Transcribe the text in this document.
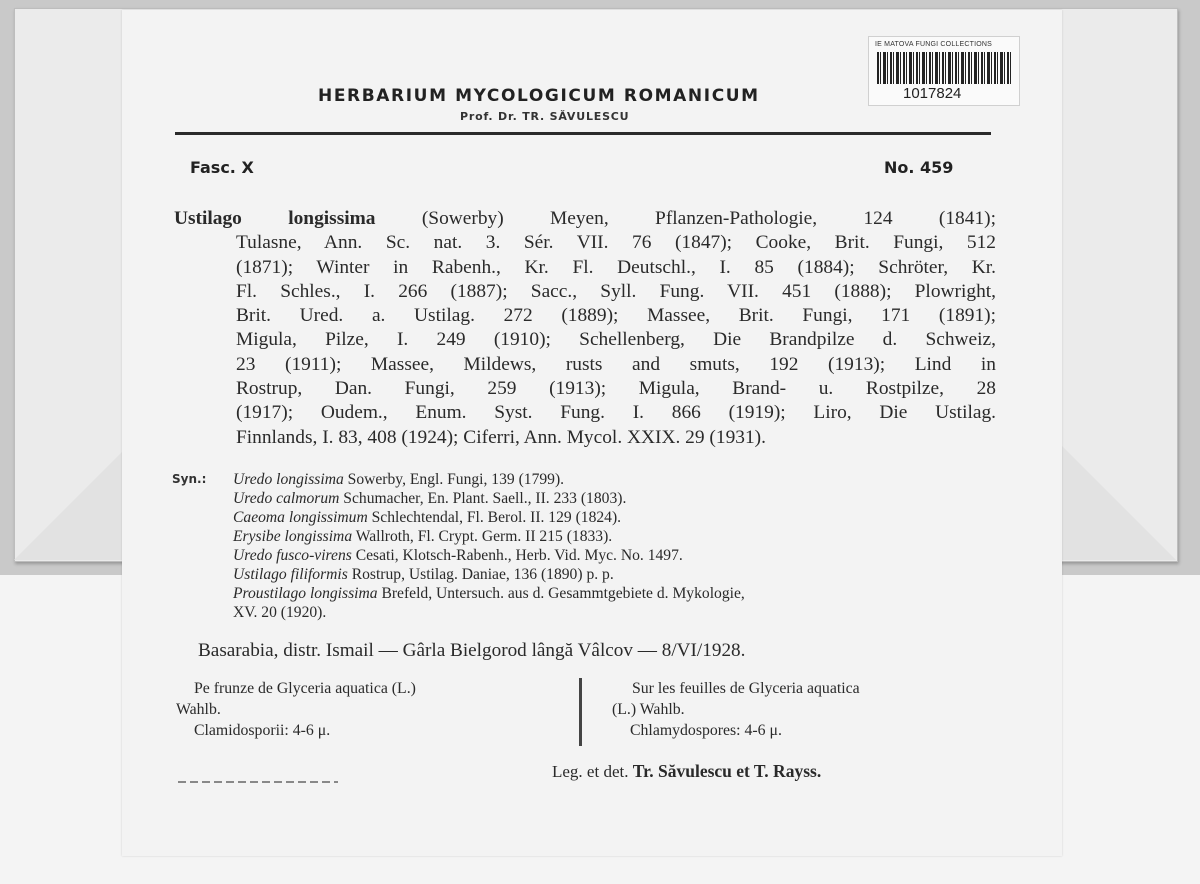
IE MATOVA FUNGI COLLECTIONS
1017824
HERBARIUM MYCOLOGICUM ROMANICUM
Prof. Dr. TR. SĂVULESCU
Fasc. X	No. 459
Ustilago longissima (Sowerby) Meyen, Pflanzen-Pathologie, 124 (1841);
Tulasne, Ann. Sc. nat. 3. Sér. VII. 76 (1847); Cooke, Brit. Fungi, 512
(1871); Winter in Rabenh., Kr. Fl. Deutschl., I. 85 (1884); Schröter, Kr.
Fl. Schles., I. 266 (1887); Sacc., Syll. Fung. VII. 451 (1888); Plowright,
Brit. Ured. a. Ustilag. 272 (1889); Massee, Brit. Fungi, 171 (1891);
Migula, Pilze, I. 249 (1910); Schellenberg, Die Brandpilze d. Schweiz,
23 (1911); Massee, Mildews, rusts and smuts, 192 (1913); Lind in
Rostrup, Dan. Fungi, 259 (1913); Migula, Brand- u. Rostpilze, 28
(1917); Oudem., Enum. Syst. Fung. I. 866 (1919); Liro, Die Ustilag.
Finnlands, I. 83, 408 (1924); Ciferri, Ann. Mycol. XXIX. 29 (1931).
Syn.: Uredo longissima Sowerby, Engl. Fungi, 139 (1799).
Uredo calmorum Schumacher, En. Plant. Saell., II. 233 (1803).
Caeoma longissimum Schlechtendal, Fl. Berol. II. 129 (1824).
Erysibe longissima Wallroth, Fl. Crypt. Germ. II 215 (1833).
Uredo fusco-virens Cesati, Klotsch-Rabenh., Herb. Vid. Myc. No. 1497.
Ustilago filiformis Rostrup, Ustilag. Daniae, 136 (1890) p. p.
Proustilago longissima Brefeld, Untersuch. aus d. Gesammtgebiete d. Mykologie,
XV. 20 (1920).
Basarabia, distr. Ismail — Gârla Bielgorod lângă Vâlcov — 8/VI/1928.
Pe frunze de Glyceria aquatica (L.)
Wahlb.
Clamidosporii: 4-6 μ.
Sur les feuilles de Glyceria aquatica
(L.) Wahlb.
Chlamydospores: 4-6 μ.
Leg. et det. Tr. Săvulescu et T. Rayss.
